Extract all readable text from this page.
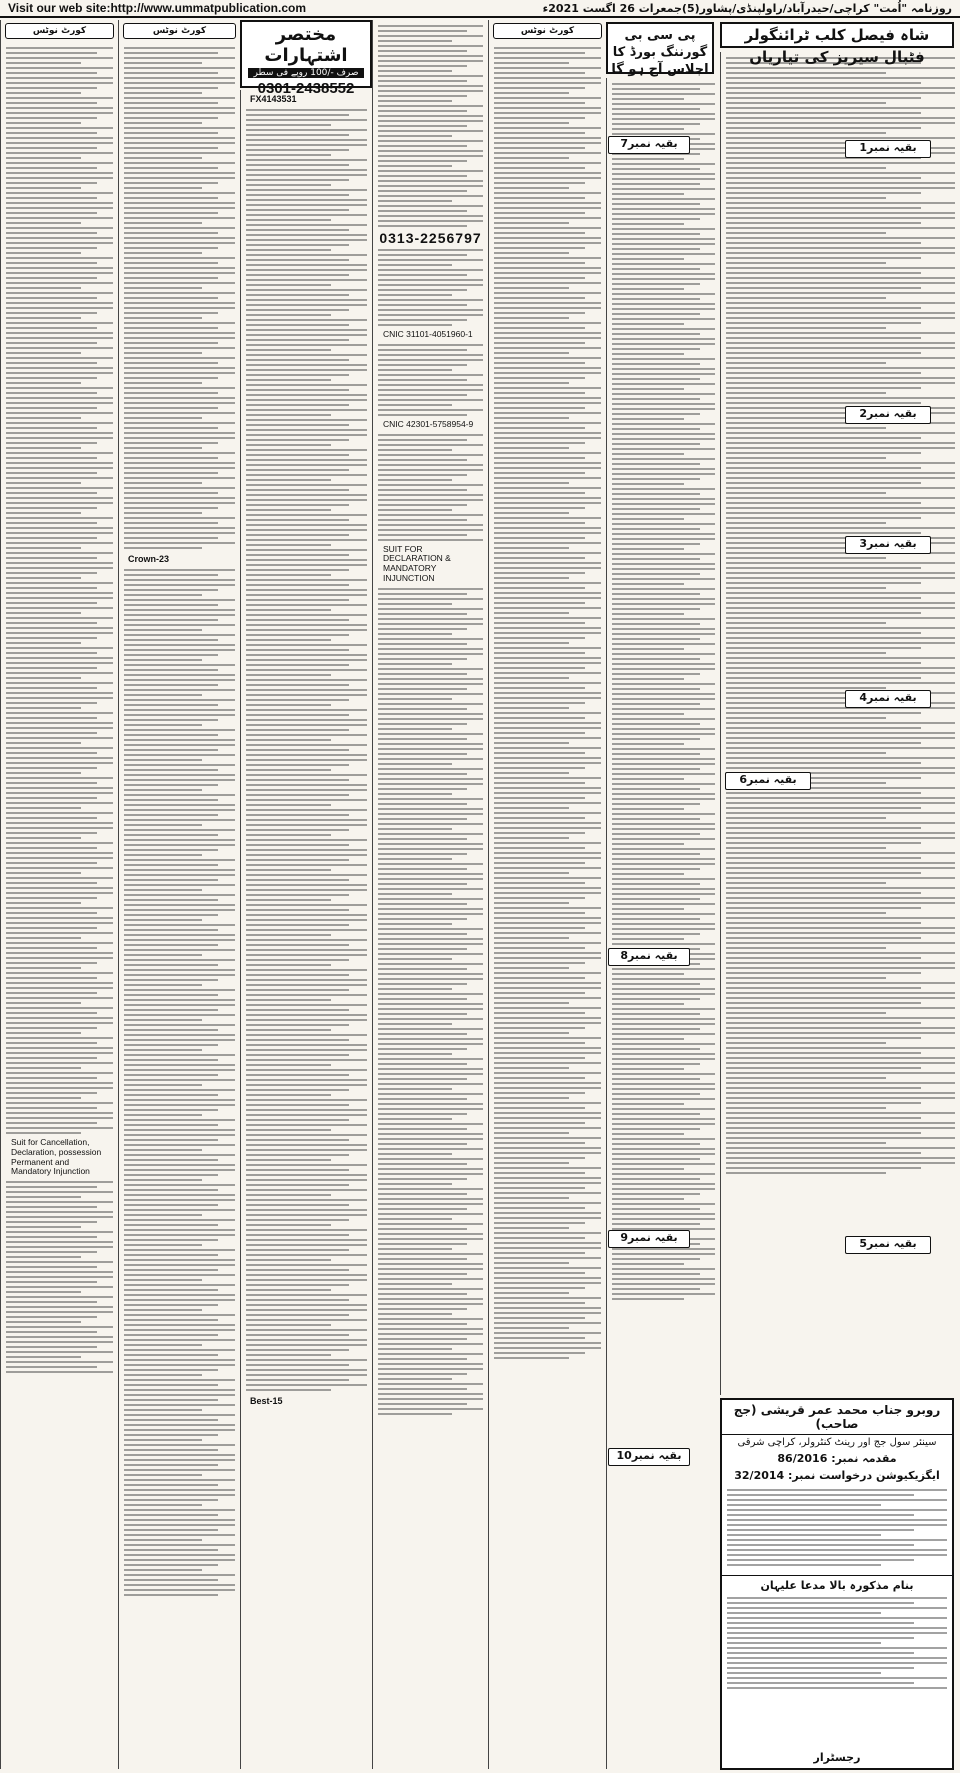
Visit our web site:http://www.ummatpublication.com	روزنامہ "اُمت" کراچی/حیدرآباد/راولپنڈی/پشاور(5)جمعرات 26 اگست 2021ء
کورٹ نوٹس
Suit for Cancellation, Declaration, possession Permanent and Mandatory Injunction
کورٹ نوٹس
Crown-23
FX4143531
Best-15
مختصر اشتہارات
صرف -/100 روپے فی سطر
0301-2438552
0313-2256797
CNIC 31101-4051960-1
CNIC 42301-5758954-9
SUIT FOR DECLARATION & MANDATORY INJUNCTION
کورٹ نوٹس	پی سی بی گورننگ بورڈ کا اجلاس آج ہو گا
شاہ فیصل کلب ٹرائنگولر فٹبال سیریز کی تیاریاں
بقیہ نمبر1
بقیہ نمبر2
بقیہ نمبر3
بقیہ نمبر4
بقیہ نمبر5
بقیہ نمبر6
بقیہ نمبر7
بقیہ نمبر8
بقیہ نمبر9
بقیہ نمبر10
روبرو جناب محمد عمر قریشی (جج صاحب)
سینئر سول جج اور رینٹ کنٹرولر، کراچی شرقی
مقدمہ نمبر: 86/2016
ایگزیکیوشن درخواست نمبر: 32/2014
بنام مذکورہ بالا مدعا علیہان
رجسٹرار
